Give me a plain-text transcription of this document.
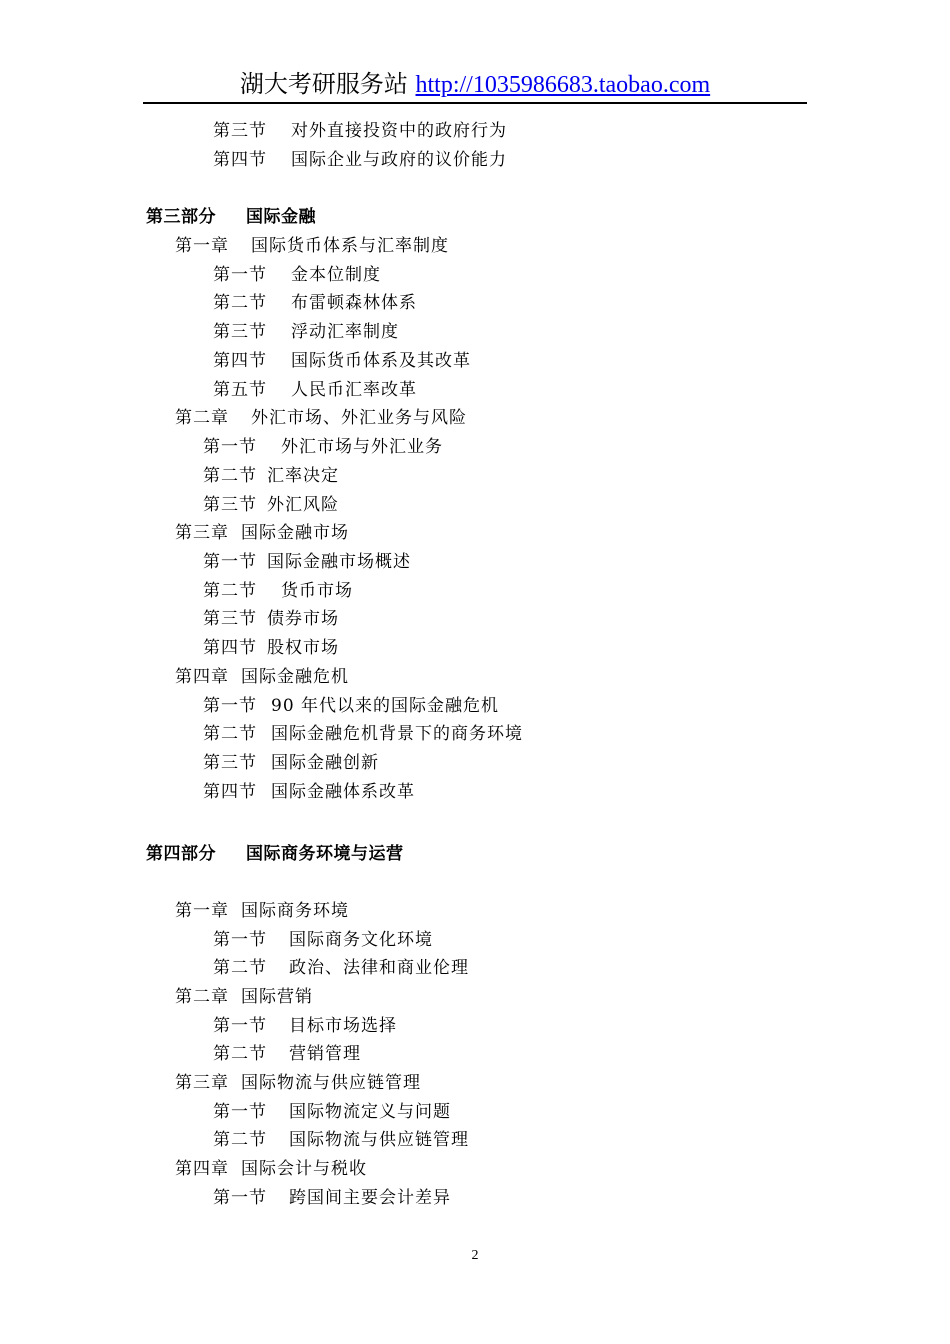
湖大考研服务站 http://1035986683.taobao.com
第三节 对外直接投资中的政府行为
第四节 国际企业与政府的议价能力
第三部分 国际金融
第一章 国际货币体系与汇率制度
第一节 金本位制度
第二节 布雷顿森林体系
第三节 浮动汇率制度
第四节 国际货币体系及其改革
第五节 人民币汇率改革
第二章 外汇市场、外汇业务与风险
第一节 外汇市场与外汇业务
第二节 汇率决定
第三节 外汇风险
第三章 国际金融市场
第一节 国际金融市场概述
第二节 货币市场
第三节 债券市场
第四节 股权市场
第四章 国际金融危机
第一节 90 年代以来的国际金融危机
第二节 国际金融危机背景下的商务环境
第三节 国际金融创新
第四节 国际金融体系改革
第四部分 国际商务环境与运营
第一章 国际商务环境
第一节 国际商务文化环境
第二节 政治、法律和商业伦理
第二章 国际营销
第一节 目标市场选择
第二节 营销管理
第三章 国际物流与供应链管理
第一节 国际物流定义与问题
第二节 国际物流与供应链管理
第四章 国际会计与税收
第一节 跨国间主要会计差异
2
